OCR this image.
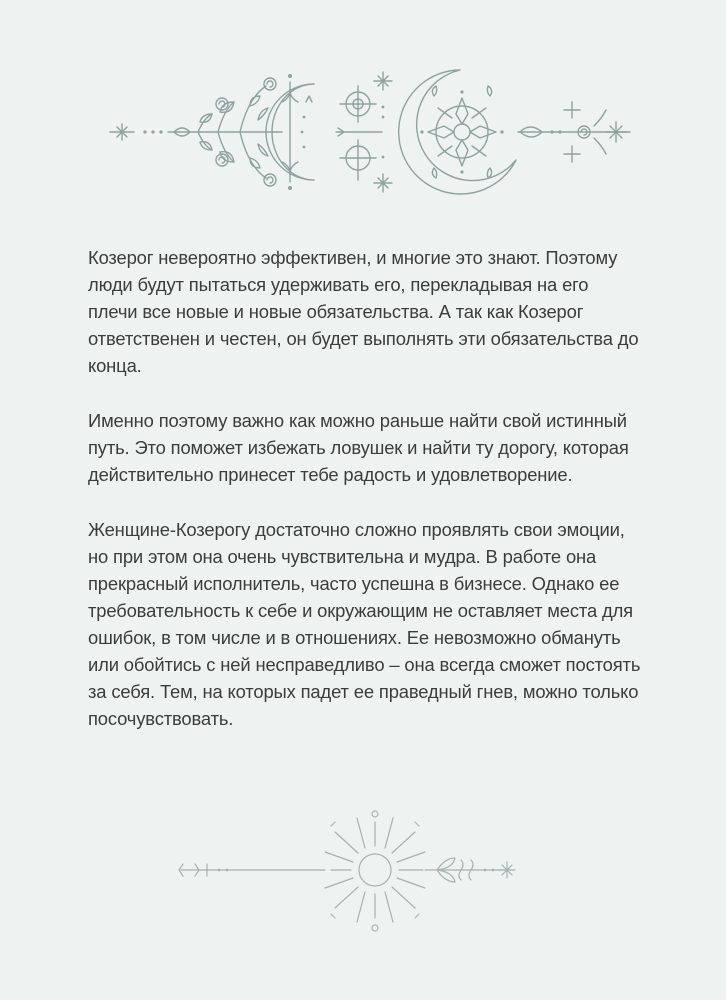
Козерог невероятно эффективен, и многие это знают. Поэтому
люди будут пытаться удерживать его, перекладывая на его
плечи все новые и новые обязательства. А так как Козерог
ответственен и честен, он будет выполнять эти обязательства до
конца.

Именно поэтому важно как можно раньше найти свой истинный
путь. Это поможет избежать ловушек и найти ту дорогу, которая
действительно принесет тебе радость и удовлетворение.

Женщине-Козерогу достаточно сложно проявлять свои эмоции,
но при этом она очень чувствительна и мудра. В работе она
прекрасный исполнитель, часто успешна в бизнесе. Однако ее
требовательность к себе и окружающим не оставляет места для
ошибок, в том числе и в отношениях. Ее невозможно обмануть
или обойтись с ней несправедливо – она всегда сможет постоять
за себя. Тем, на которых падет ее праведный гнев, можно только
посочувствовать.
